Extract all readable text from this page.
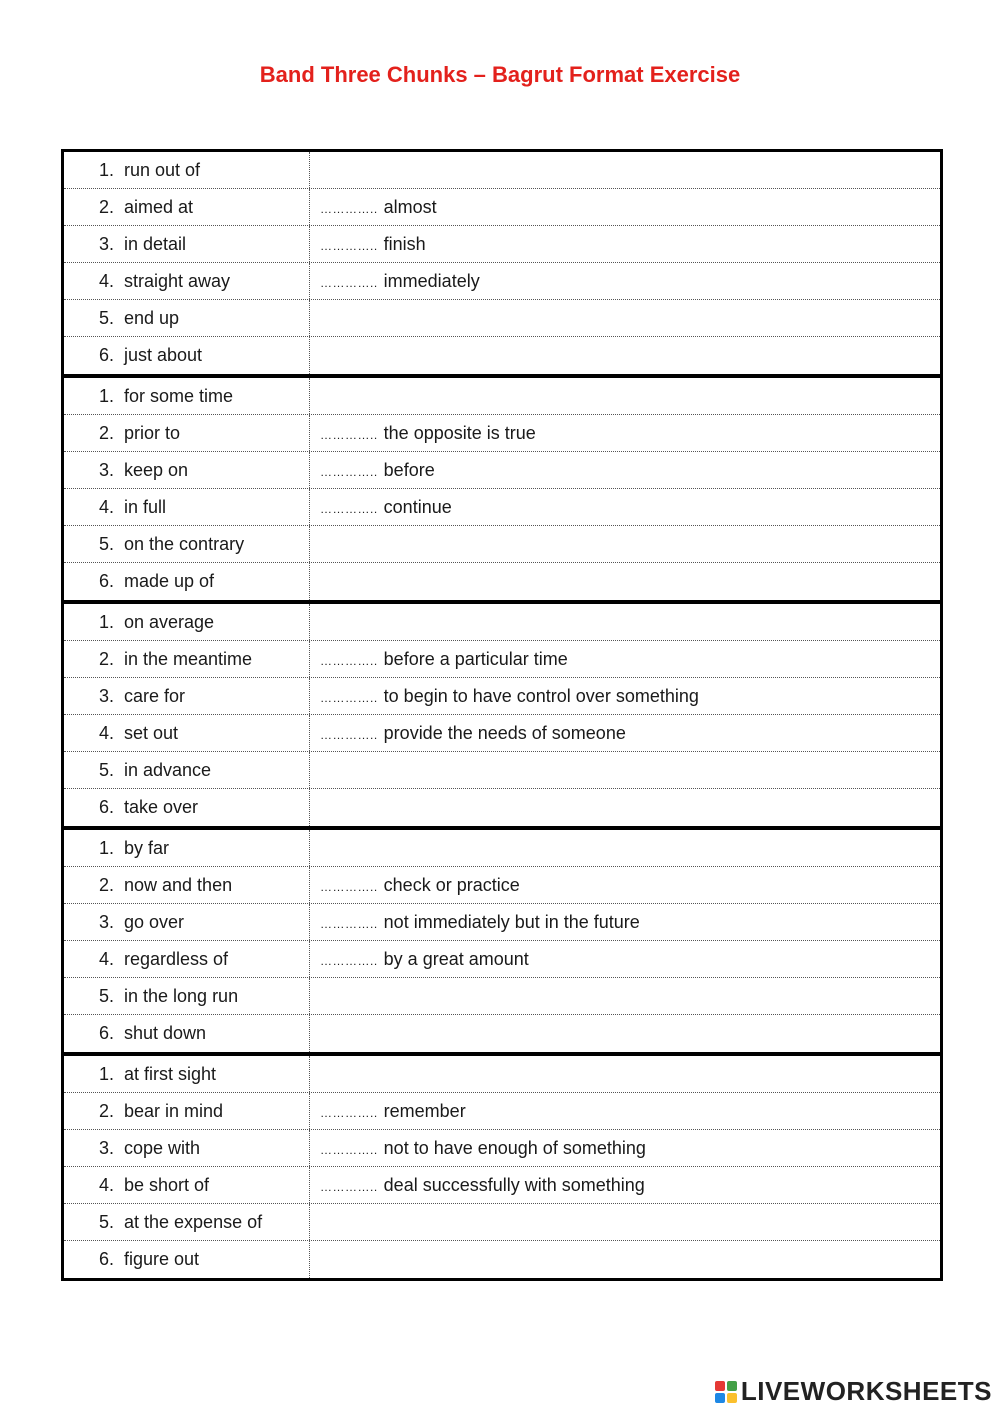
Band Three Chunks – Bagrut Format Exercise
1. run out of
2. aimed at	………….. almost
3. in detail	………….. finish
4. straight away	………….. immediately
5. end up
6. just about
1. for some time
2. prior to	………….. the opposite is true
3. keep on	………….. before
4. in full	………….. continue
5. on the contrary
6. made up of
1. on average
2. in the meantime	………….. before a particular time
3. care for	………….. to begin to have control over something
4. set out	………….. provide the needs of someone
5. in advance
6. take over
1. by far
2. now and then	………….. check or practice
3. go over	………….. not immediately but in the future
4. regardless of	………….. by a great amount
5. in the long run
6. shut down
1. at first sight
2. bear in mind	………….. remember
3. cope with	………….. not to have enough of something
4. be short of	………….. deal successfully with something
5. at the expense of
6. figure out
LIVEWORKSHEETS
